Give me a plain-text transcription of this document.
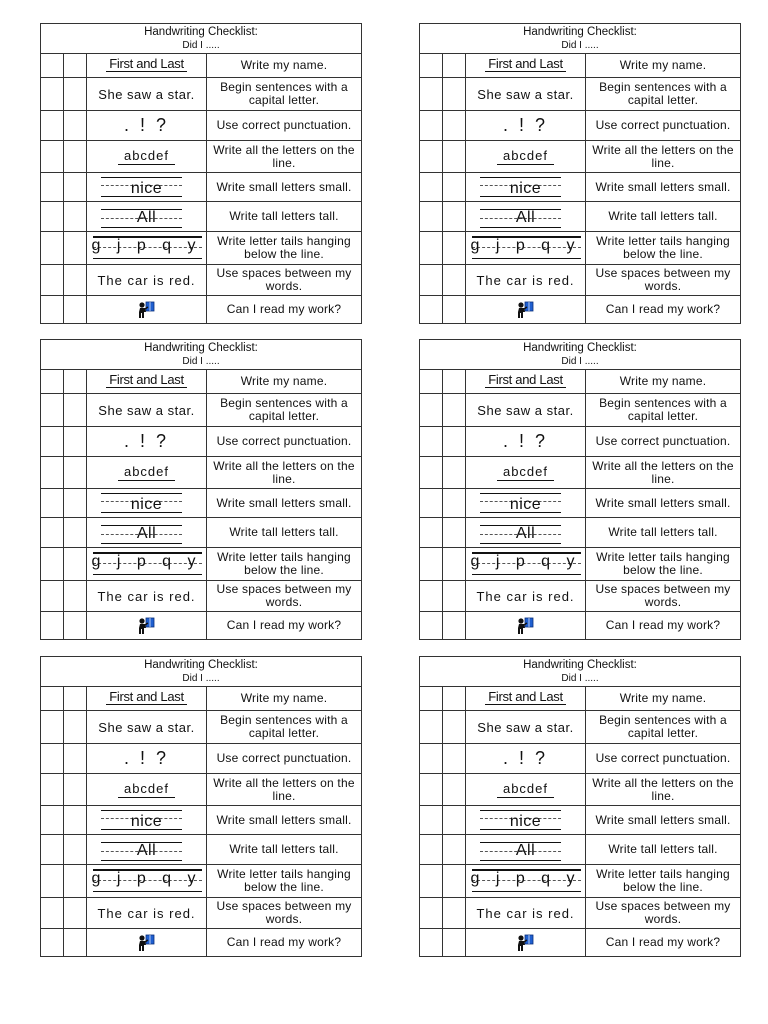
Handwriting Checklist:
Did I .....
First and Last	Write my name.
She saw a star.	Begin sentences with a capital letter.
. ! ?	Use correct punctuation.
abcdef	Write all the letters on the line.
nice	Write small letters small.
All	Write tall letters tall.
g j p q y	Write letter tails hanging below the line.
The car is red.	Use spaces between my words.
Can I read my work?
Handwriting Checklist:
Did I .....
First and Last	Write my name.
She saw a star.	Begin sentences with a capital letter.
. ! ?	Use correct punctuation.
abcdef	Write all the letters on the line.
nice	Write small letters small.
All	Write tall letters tall.
g j p q y	Write letter tails hanging below the line.
The car is red.	Use spaces between my words.
Can I read my work?
Handwriting Checklist:
Did I .....
First and Last	Write my name.
She saw a star.	Begin sentences with a capital letter.
. ! ?	Use correct punctuation.
abcdef	Write all the letters on the line.
nice	Write small letters small.
All	Write tall letters tall.
g j p q y	Write letter tails hanging below the line.
The car is red.	Use spaces between my words.
Can I read my work?
Handwriting Checklist:
Did I .....
First and Last	Write my name.
She saw a star.	Begin sentences with a capital letter.
. ! ?	Use correct punctuation.
abcdef	Write all the letters on the line.
nice	Write small letters small.
All	Write tall letters tall.
g j p q y	Write letter tails hanging below the line.
The car is red.	Use spaces between my words.
Can I read my work?
Handwriting Checklist:
Did I .....
First and Last	Write my name.
She saw a star.	Begin sentences with a capital letter.
. ! ?	Use correct punctuation.
abcdef	Write all the letters on the line.
nice	Write small letters small.
All	Write tall letters tall.
g j p q y	Write letter tails hanging below the line.
The car is red.	Use spaces between my words.
Can I read my work?
Handwriting Checklist:
Did I .....
First and Last	Write my name.
She saw a star.	Begin sentences with a capital letter.
. ! ?	Use correct punctuation.
abcdef	Write all the letters on the line.
nice	Write small letters small.
All	Write tall letters tall.
g j p q y	Write letter tails hanging below the line.
The car is red.	Use spaces between my words.
Can I read my work?
